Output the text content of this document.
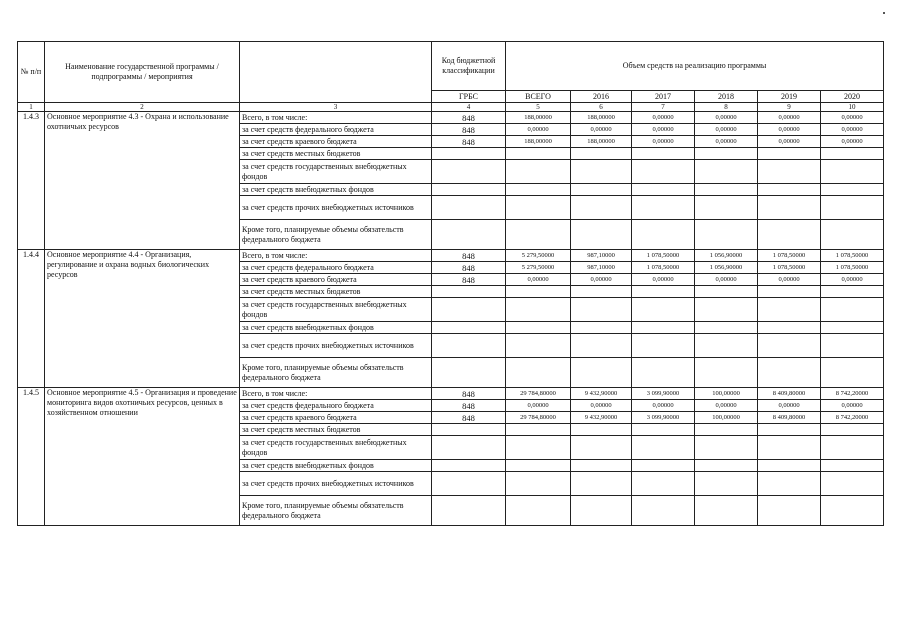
№ п/п	Наименование государственной программы / подпрограммы / мероприятия		Код бюджетной классификации	Объем средств на реализацию программы					
			ГРБС	ВСЕГО	2016	2017	2018	2019	2020
1	2	3	4	5	6	7	8	9	10
1.4.3	Основное мероприятие 4.3 - Охрана и использование охотничьих ресурсов	Всего, в том числе:	848	188,00000	188,00000	0,00000	0,00000	0,00000	0,00000
		за счет средств федерального бюджета	848	0,00000	0,00000	0,00000	0,00000	0,00000	0,00000
		за счет средств краевого бюджета	848	188,00000	188,00000	0,00000	0,00000	0,00000	0,00000
		за счет средств местных бюджетов							
		за счет средств государственных внебюджетных фондов							
		за счет средств внебюджетных фондов							
		за счет средств прочих внебюджетных источников							
		Кроме того, планируемые объемы обязательств федерального бюджета							
1.4.4	Основное мероприятие 4.4 - Организация, регулирование и охрана водных биологических ресурсов	Всего, в том числе:	848	5 279,50000	987,10000	1 078,50000	1 056,90000	1 078,50000	1 078,50000
		за счет средств федерального бюджета	848	5 279,50000	987,10000	1 078,50000	1 056,90000	1 078,50000	1 078,50000
		за счет средств краевого бюджета	848	0,00000	0,00000	0,00000	0,00000	0,00000	0,00000
		за счет средств местных бюджетов							
		за счет средств государственных внебюджетных фондов							
		за счет средств внебюджетных фондов							
		за счет средств прочих внебюджетных источников							
		Кроме того, планируемые объемы обязательств федерального бюджета							
1.4.5	Основное мероприятие 4.5 - Организация и проведение мониторинга видов охотничьих ресурсов, ценных в хозяйственном отношении	Всего, в том числе:	848	29 784,80000	9 432,90000	3 099,90000	100,00000	8 409,80000	8 742,20000
		за счет средств федерального бюджета	848	0,00000	0,00000	0,00000	0,00000	0,00000	0,00000
		за счет средств краевого бюджета	848	29 784,80000	9 432,90000	3 099,90000	100,00000	8 409,80000	8 742,20000
		за счет средств местных бюджетов							
		за счет средств государственных внебюджетных фондов							
		за счет средств внебюджетных фондов							
		за счет средств прочих внебюджетных источников							
		Кроме того, планируемые объемы обязательств федерального бюджета							
